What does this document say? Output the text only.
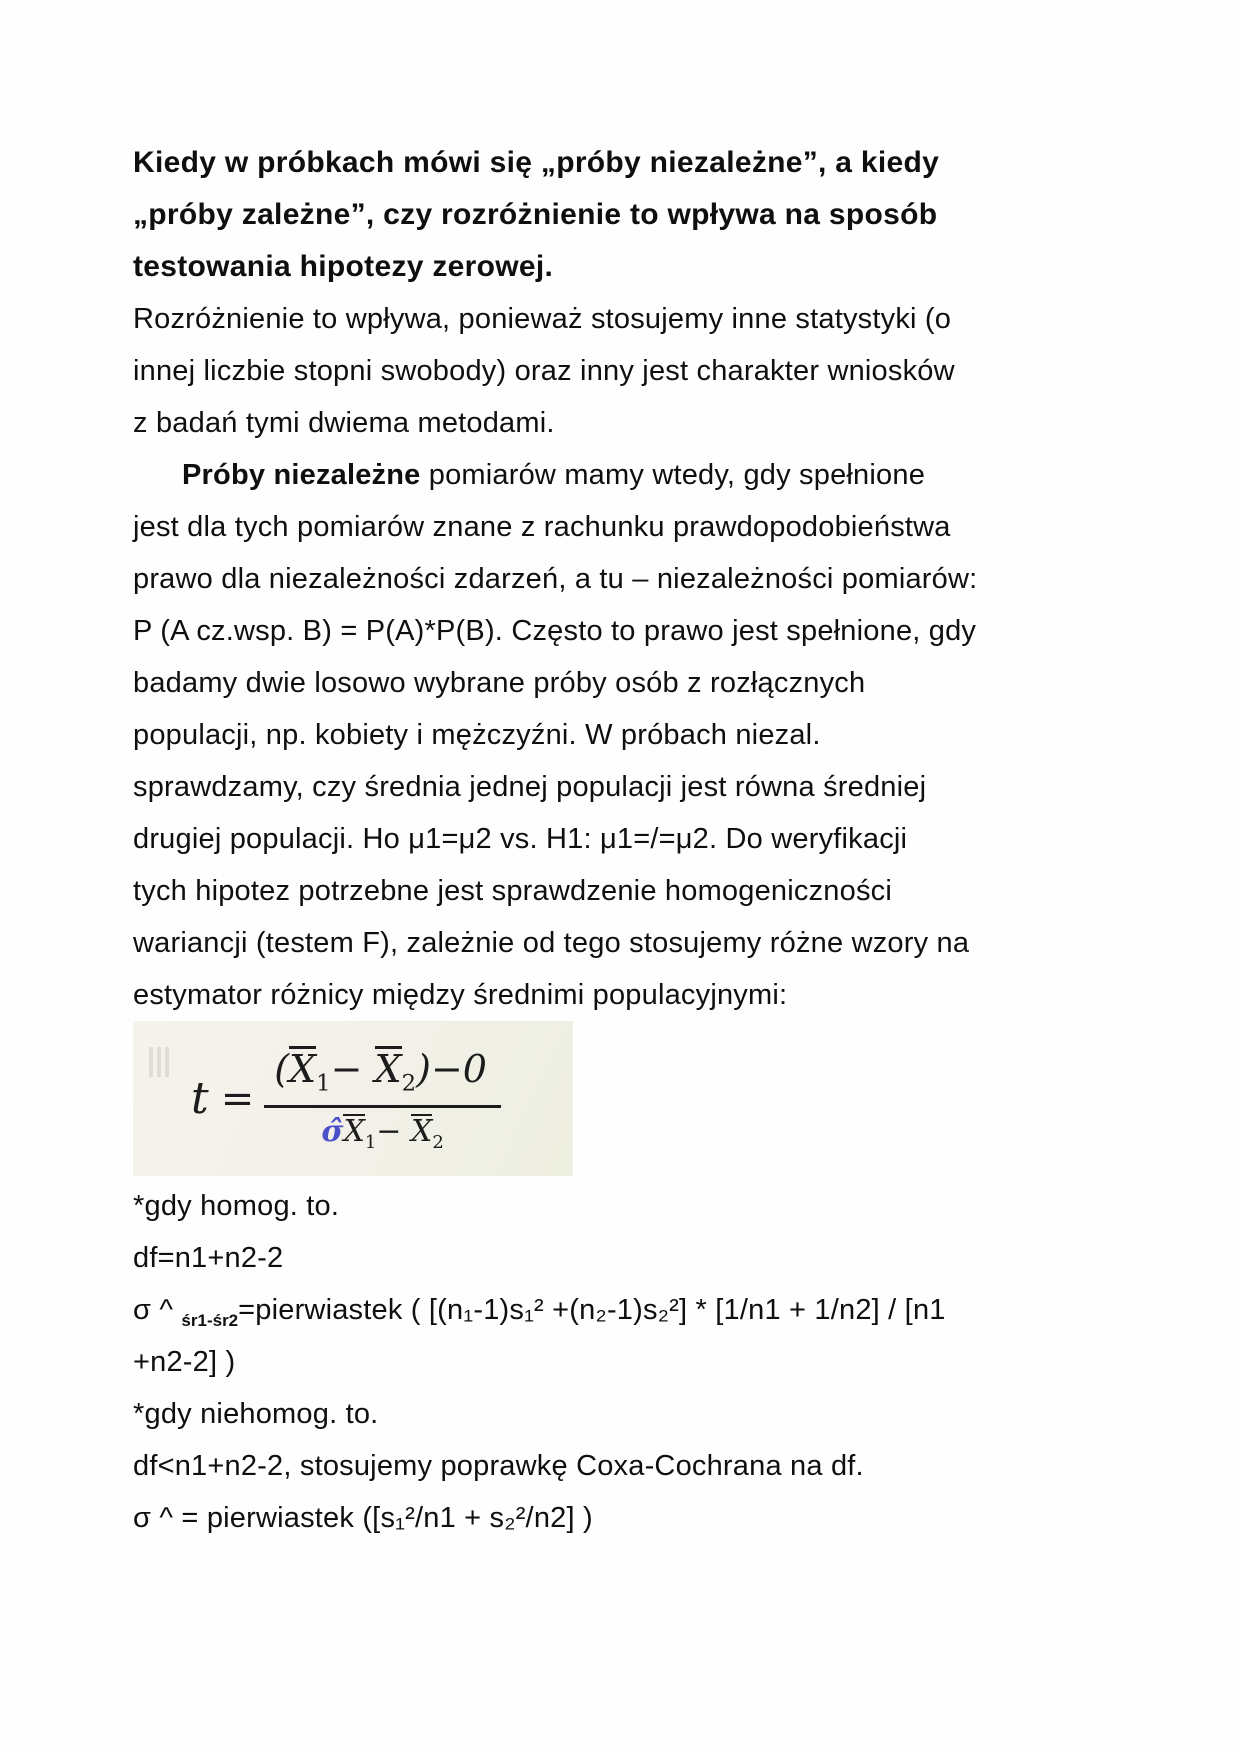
Kiedy w próbkach mówi się „próby niezależne”, a kiedy
„próby zależne”, czy rozróżnienie to wpływa na sposób
testowania hipotezy zerowej.
Rozróżnienie to wpływa, ponieważ stosujemy inne statystyki (o
innej liczbie stopni swobody) oraz inny jest charakter wniosków
z badań tymi dwiema metodami.
Próby niezależne pomiarów mamy wtedy, gdy spełnione
jest dla tych pomiarów znane z rachunku prawdopodobieństwa
prawo dla niezależności zdarzeń, a tu – niezależności pomiarów:
P (A cz.wsp. B) = P(A)*P(B). Często to prawo jest spełnione, gdy
badamy dwie losowo wybrane próby osób z rozłącznych
populacji, np. kobiety i mężczyźni. W próbach niezal.
sprawdzamy, czy średnia jednej populacji jest równa średniej
drugiej populacji. Ho μ1=μ2 vs. H1: μ1=/=μ2. Do weryfikacji
tych hipotez potrzebne jest sprawdzenie homogeniczności
wariancji (testem F), zależnie od tego stosujemy różne wzory na
estymator różnicy między średnimi populacyjnymi:
$t = \frac{(X_1- X_2)-0}{\sigmâX_1- X_2}$
*gdy homog. to.
df=n1+n2-2
σ ^ $_{śr1-śr2}$=pierwiastek ( [(n₁-1)s₁² +(n₂-1)s₂²] * [1/n1 + 1/n2] / [n1
+n2-2] )
*gdy niehomog. to.
df<n1+n2-2, stosujemy poprawkę Coxa-Cochrana na df.
σ ^ = pierwiastek ([s₁²/n1 + s₂²/n2] )
